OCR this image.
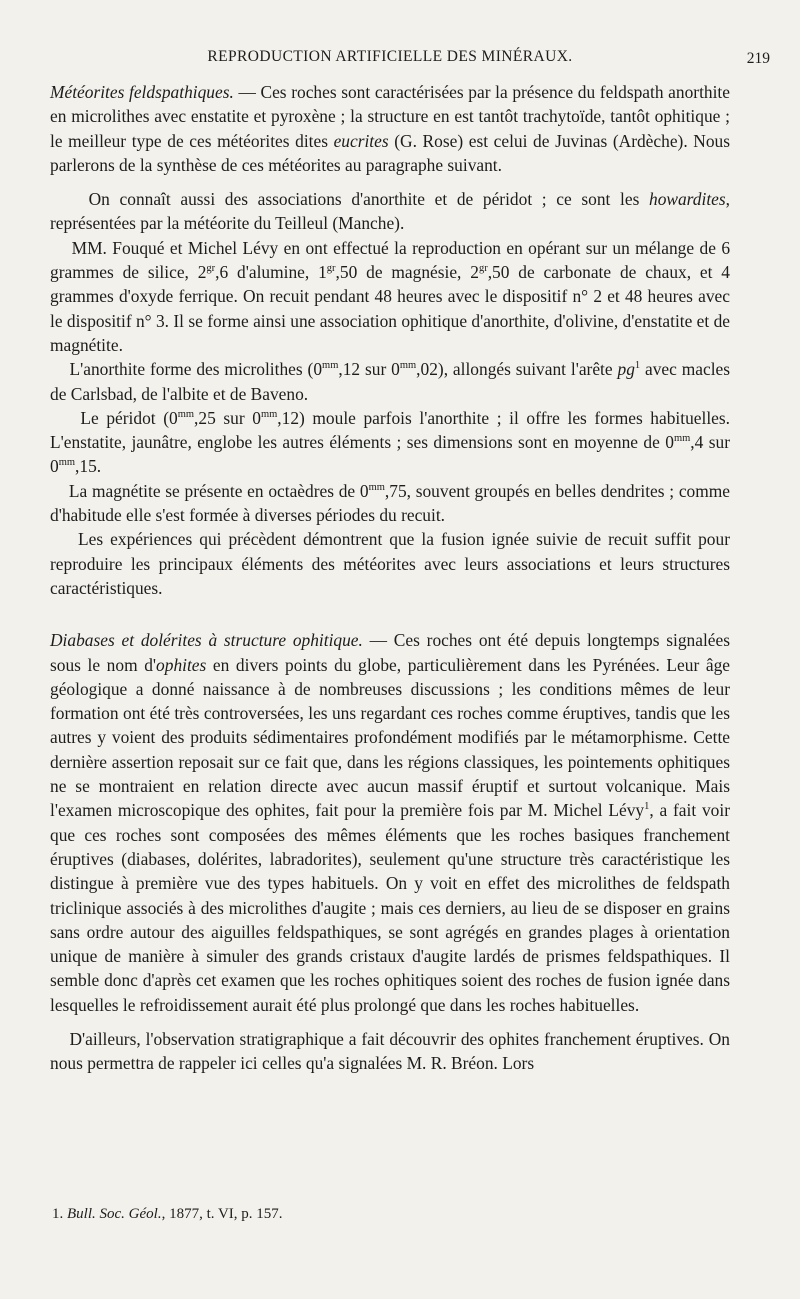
REPRODUCTION ARTIFICIELLE DES MINÉRAUX.	219

Météorites feldspathiques. — Ces roches sont caractérisées par la présence du feldspath anorthite en microlithes avec enstatite et pyroxène ; la structure en est tantôt trachytoïde, tantôt ophitique ; le meilleur type de ces météorites dites eucrites (G. Rose) est celui de Juvinas (Ardèche). Nous parlerons de la synthèse de ces météorites au paragraphe suivant.

On connaît aussi des associations d'anorthite et de péridot ; ce sont les howardites, représentées par la météorite du Teilleul (Manche).

MM. Fouqué et Michel Lévy en ont effectué la reproduction en opérant sur un mélange de 6 grammes de silice, $2^{gr},6$ d'alumine, $1^{gr},50$ de magnésie, $2^{gr},50$ de carbonate de chaux, et 4 grammes d'oxyde ferrique. On recuit pendant 48 heures avec le dispositif n° 2 et 48 heures avec le dispositif n° 3. Il se forme ainsi une association ophitique d'anorthite, d'olivine, d'enstatite et de magnétite.

L'anorthite forme des microlithes ($0^{mm},12$ sur $0^{mm},02$), allongés suivant l'arête $pg^1$ avec macles de Carlsbad, de l'albite et de Baveno.

Le péridot ($0^{mm},25$ sur $0^{mm},12$) moule parfois l'anorthite ; il offre les formes habituelles. L'enstatite, jaunâtre, englobe les autres éléments ; ses dimensions sont en moyenne de $0^{mm},4$ sur $0^{mm},15$.

La magnétite se présente en octaèdres de $0^{mm},75$, souvent groupés en belles dendrites ; comme d'habitude elle s'est formée à diverses périodes du recuit.

Les expériences qui précèdent démontrent que la fusion ignée suivie de recuit suffit pour reproduire les principaux éléments des météorites avec leurs associations et leurs structures caractéristiques.

Diabases et dolérites à structure ophitique. — Ces roches ont été depuis longtemps signalées sous le nom d'ophites en divers points du globe, particulièrement dans les Pyrénées. Leur âge géologique a donné naissance à de nombreuses discussions ; les conditions mêmes de leur formation ont été très controversées, les uns regardant ces roches comme éruptives, tandis que les autres y voient des produits sédimentaires profondément modifiés par le métamorphisme. Cette dernière assertion reposait sur ce fait que, dans les régions classiques, les pointements ophitiques ne se montraient en relation directe avec aucun massif éruptif et surtout volcanique. Mais l'examen microscopique des ophites, fait pour la première fois par M. Michel Lévy$^1$, a fait voir que ces roches sont composées des mêmes éléments que les roches basiques franchement éruptives (diabases, dolérites, labradorites), seulement qu'une structure très caractéristique les distingue à première vue des types habituels. On y voit en effet des microlithes de feldspath triclinique associés à des microlithes d'augite ; mais ces derniers, au lieu de se disposer en grains sans ordre autour des aiguilles feldspathiques, se sont agrégés en grandes plages à orientation unique de manière à simuler des grands cristaux d'augite lardés de prismes feldspathiques. Il semble donc d'après cet examen que les roches ophitiques soient des roches de fusion ignée dans lesquelles le refroidissement aurait été plus prolongé que dans les roches habituelles.

D'ailleurs, l'observation stratigraphique a fait découvrir des ophites franchement éruptives. On nous permettra de rappeler ici celles qu'a signalées M. R. Bréon. Lors

1. Bull. Soc. Géol., 1877, t. VI, p. 157.
